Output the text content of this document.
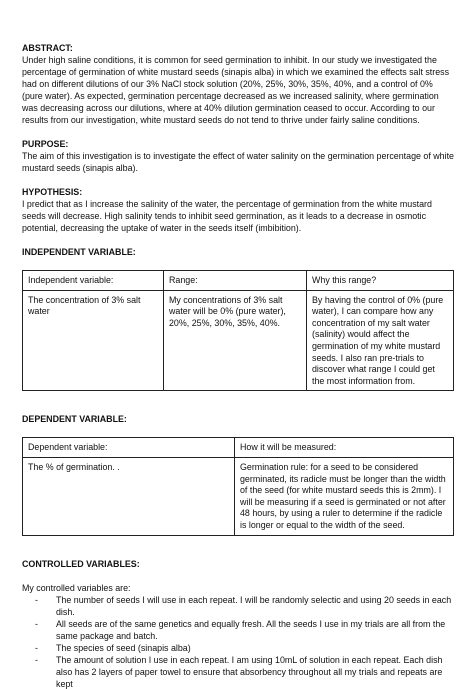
ABSTRACT:

Under high saline conditions, it is common for seed germination to inhibit. In our study we investigated the percentage of germination of white mustard seeds (sinapis alba) in which we examined the effects salt stress had on different dilutions of our 3% NaCl stock solution (20%, 25%, 30%, 35%, 40%, and a control of 0% (pure water). As expected, germination percentage decreased as we increased salinity, where germination was decreasing across our dilutions, where at 40% dilution germination ceased to occur. According to our results from our investigation, white mustard seeds do not tend to thrive under fairly saline conditions.

PURPOSE:

The aim of this investigation is to investigate the effect of water salinity on the germination percentage of white mustard seeds (sinapis alba).

HYPOTHESIS:

I predict that as I increase the salinity of the water, the percentage of germination from the white mustard seeds will decrease. High salinity tends to inhibit seed germination, as it leads to a decrease in osmotic potential, decreasing the uptake of water in the seeds itself (imbibition).

INDEPENDENT VARIABLE:

Independent variable:	Range:	Why this range?
The concentration of 3% salt water	My concentrations of 3% salt water will be 0% (pure water), 20%, 25%, 30%, 35%, 40%.	By having the control of 0% (pure water), I can compare how any concentration of my salt water (salinity) would affect the germination of my white mustard seeds. I also ran pre-trials to discover what range I could get the most information from.

DEPENDENT VARIABLE:

Dependent variable:	How it will be measured:
The % of germination. .	Germination rule: for a seed to be considered germinated, its radicle must be longer than the width of the seed (for white mustard seeds this is 2mm). I will be measuring if a seed is germinated or not after 48 hours, by using a ruler to determine if the radicle is longer or equal to the width of the seed.

CONTROLLED VARIABLES:

My controlled variables are:

- The number of seeds I will use in each repeat. I will be randomly selectic and using 20 seeds in each dish.
- All seeds are of the same genetics and equally fresh. All the seeds I use in my trials are all from the same package and batch.
- The species of seed (sinapis alba)
- The amount of solution I use in each repeat. I am using 10mL of solution in each repeat. Each dish also has 2 layers of paper towel to ensure that absorbency throughout all my trials and repeats are kept
